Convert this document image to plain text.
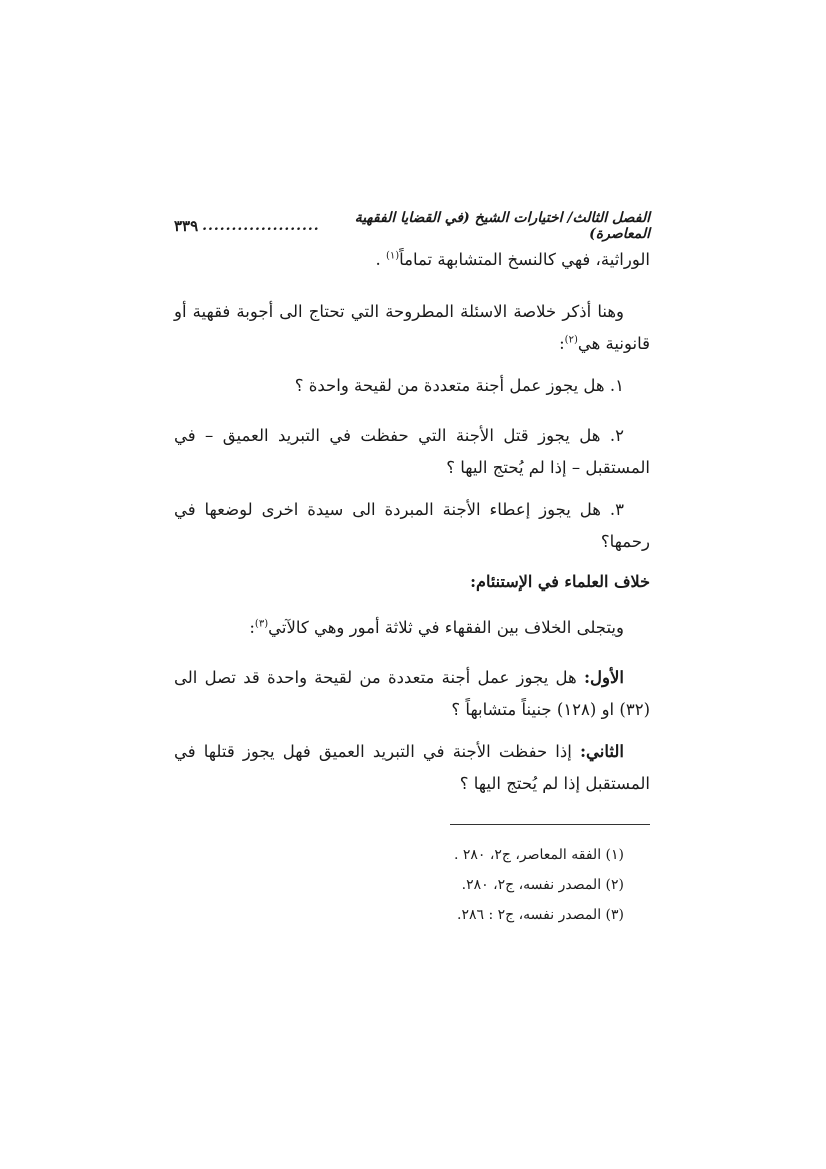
الفصل الثالث/ اختيارات الشيخ (في القضايا الفقهية المعاصرة)
....................
٣٣٩

الوراثية، فهي كالنسخ المتشابهة تماماً$^{(١)}$ .

وهنا أذكر خلاصة الاسئلة المطروحة التي تحتاج الى أجوبة فقهية أو قانونية هي$^{(٢)}$:

١. هل يجوز عمل أجنة متعددة من لقيحة واحدة ؟

٢. هل يجوز قتل الأجنة التي حفظت في التبريد العميق – في المستقبل – إذا لم يُحتج اليها ؟

٣. هل يجوز إعطاء الأجنة المبردة الى سيدة اخرى لوضعها في رحمها؟

خلاف العلماء في الإستنئام:

ويتجلى الخلاف بين الفقهاء في ثلاثة أمور وهي كالآتي$^{(٣)}$:

الأول: هل يجوز عمل أجنة متعددة من لقيحة واحدة قد تصل الى (٣٢) او (١٢٨) جنيناً متشابهاً ؟

الثاني: إذا حفظت الأجنة في التبريد العميق فهل يجوز قتلها في المستقبل إذا لم يُحتج اليها ؟

(١) الفقه المعاصر، ج٢، ٢٨٠ .

(٢) المصدر نفسه، ج٢، ٢٨٠.

(٣) المصدر نفسه، ج٢ : ٢٨٦.
